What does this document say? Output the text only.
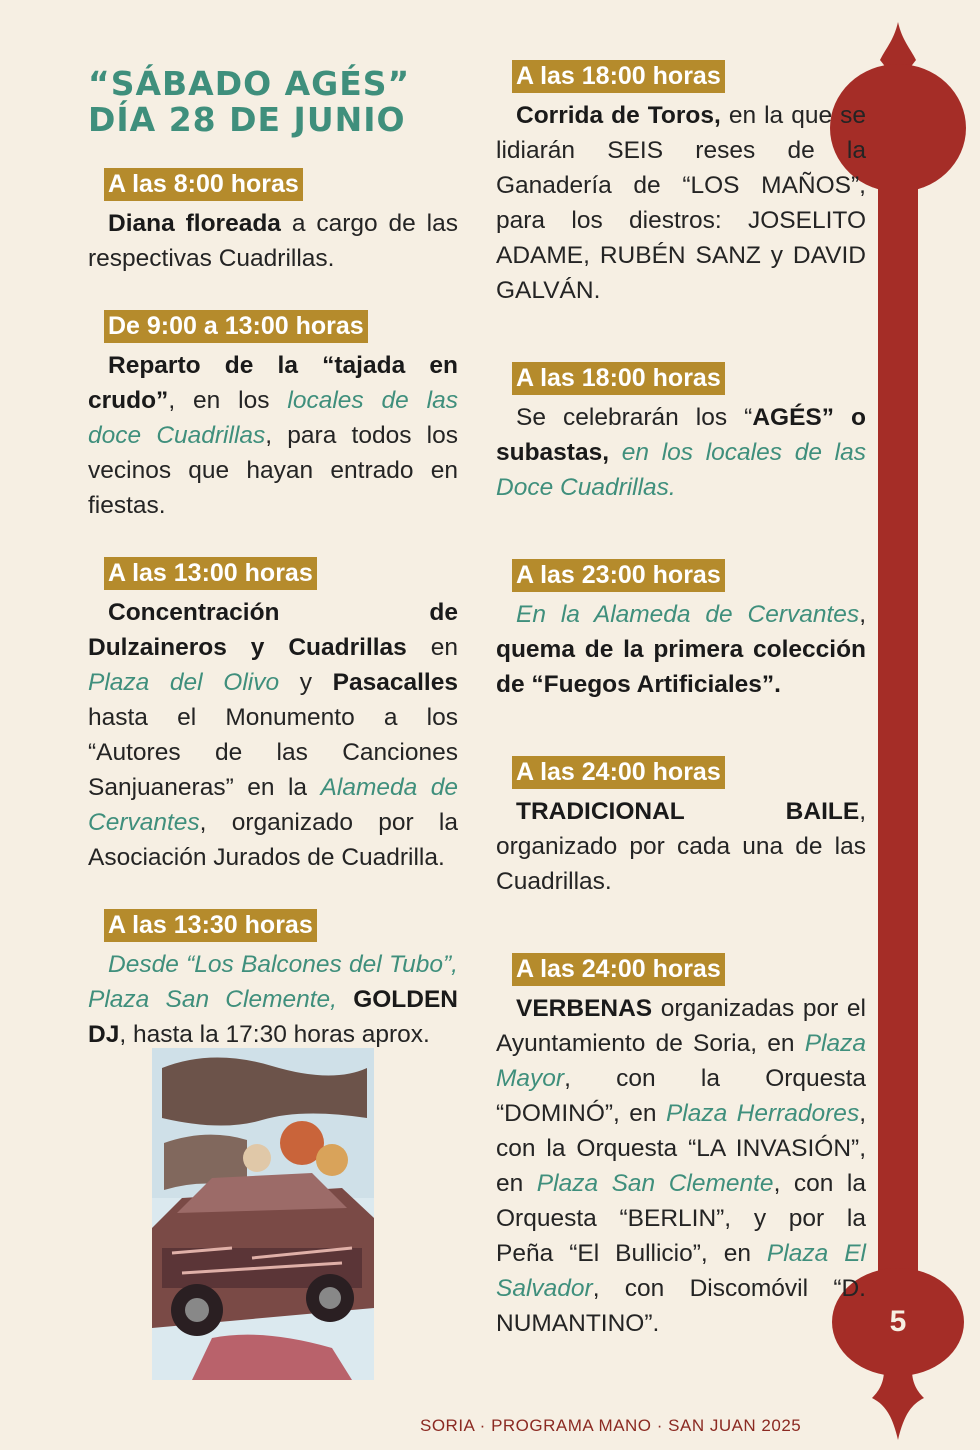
5
“SÁBADO AGÉS”
DÍA 28 DE JUNIO
A las 8:00 horas

Diana floreada a cargo de las respectivas Cuadrillas.

De 9:00 a 13:00 horas

Reparto de la “tajada en crudo”, en los locales de las doce Cuadrillas, para todos los vecinos que hayan entrado en fiestas.

A las 13:00 horas

Concentración de Dulzaineros y Cuadrillas en Plaza del Olivo y Pasacalles hasta el Monumento a los “Autores de las Canciones Sanjuaneras” en la Alameda de Cervantes, organizado por la Asociación Jurados de Cuadrilla.

A las 13:30 horas

Desde “Los Balcones del Tubo”, Plaza San Clemente, GOLDEN DJ, hasta la 17:30 horas aprox.

A las 18:00 horas

Corrida de Toros, en la que se lidiarán SEIS reses de la Ganadería de “LOS MAÑOS”, para los diestros: JOSELITO ADAME, RUBÉN SANZ y DAVID GALVÁN.

A las 18:00 horas

Se celebrarán los “AGÉS” o subastas, en los locales de las Doce Cuadrillas.

A las 23:00 horas

En la Alameda de Cervantes, quema de la primera colección de “Fuegos Artificiales”.

A las 24:00 horas

TRADICIONAL BAILE, organizado por cada una de las Cuadrillas.

A las 24:00 horas

VERBENAS organizadas por el Ayuntamiento de Soria, en Plaza Mayor, con la Orquesta “DOMINÓ”, en Plaza Herradores, con la Orquesta “LA INVASIÓN”, en Plaza San Clemente, con la Orquesta “BERLIN”, y por la Peña “El Bullicio”, en Plaza El Salvador, con Discomóvil “D. NUMANTINO”.

SORIA · PROGRAMA MANO · SAN JUAN 2025
